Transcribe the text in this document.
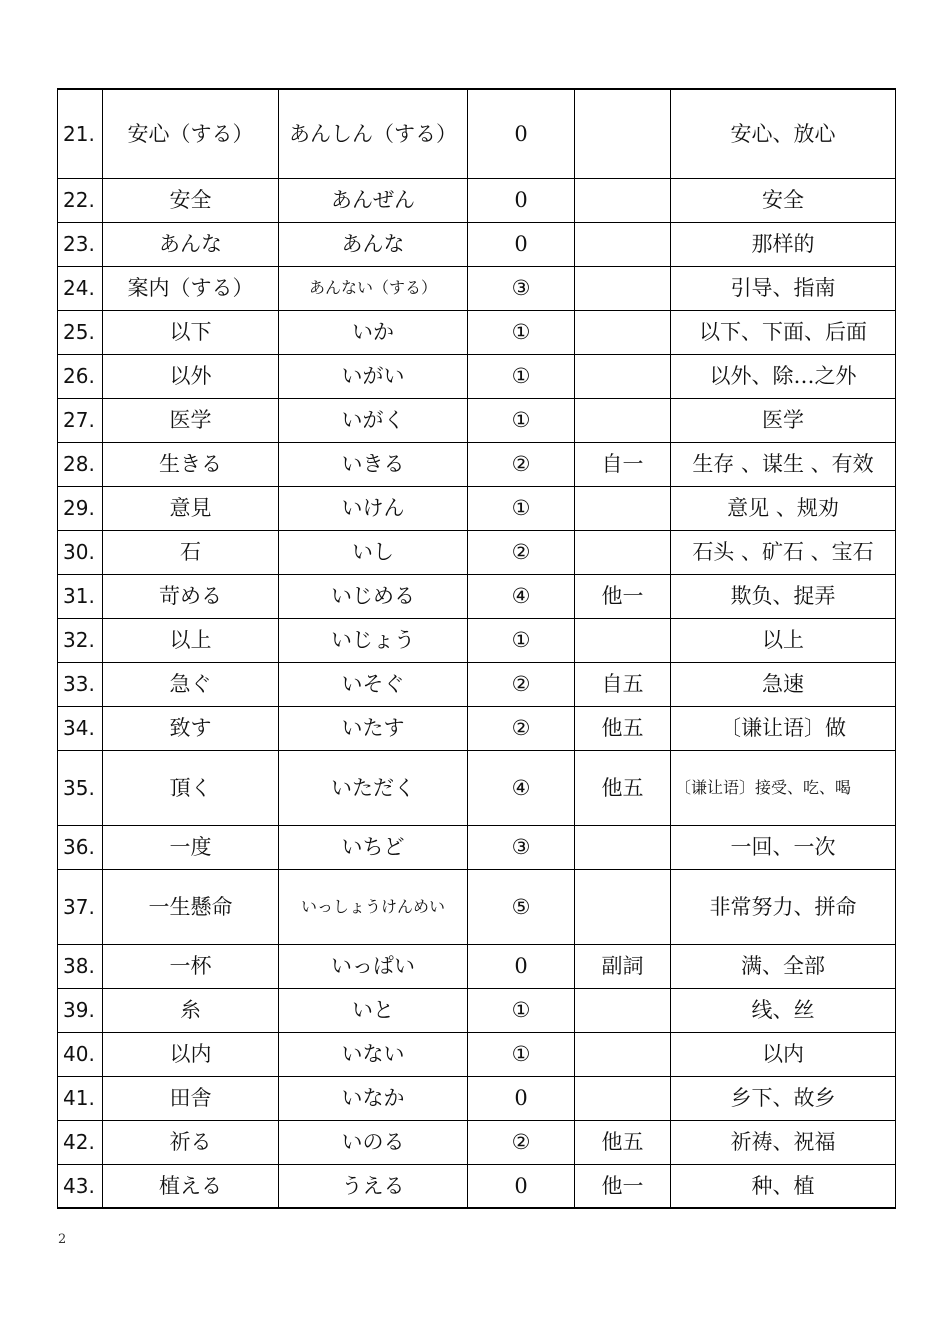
21.	安心（する）	あんしん（する）	0		安心、放心
22.	安全	あんぜん	0		安全
23.	あんな	あんな	0		那样的
24.	案内（する）	あんない（する）	③		引导、指南
25.	以下	いか	①		以下、下面、后面
26.	以外	いがい	①		以外、除…之外
27.	医学	いがく	①		医学
28.	生きる	いきる	②	自一	生存 、谋生 、有效
29.	意見	いけん	①		意见 、规劝
30.	石	いし	②		石头 、矿石 、宝石
31.	苛める	いじめる	④	他一	欺负、捉弄
32.	以上	いじょう	①		以上
33.	急ぐ	いそぐ	②	自五	急速
34.	致す	いたす	②	他五	〔谦让语〕做
35.	頂く	いただく	④	他五	〔谦让语〕接受、吃、喝
36.	一度	いちど	③		一回、一次
37.	一生懸命	いっしょうけんめい	⑤		非常努力、拼命
38.	一杯	いっぱい	0	副詞	满、全部
39.	糸	いと	①		线、丝
40.	以内	いない	①		以内
41.	田舎	いなか	0		乡下、故乡
42.	祈る	いのる	②	他五	祈祷、祝福
43.	植える	うえる	0	他一	种、植
2
